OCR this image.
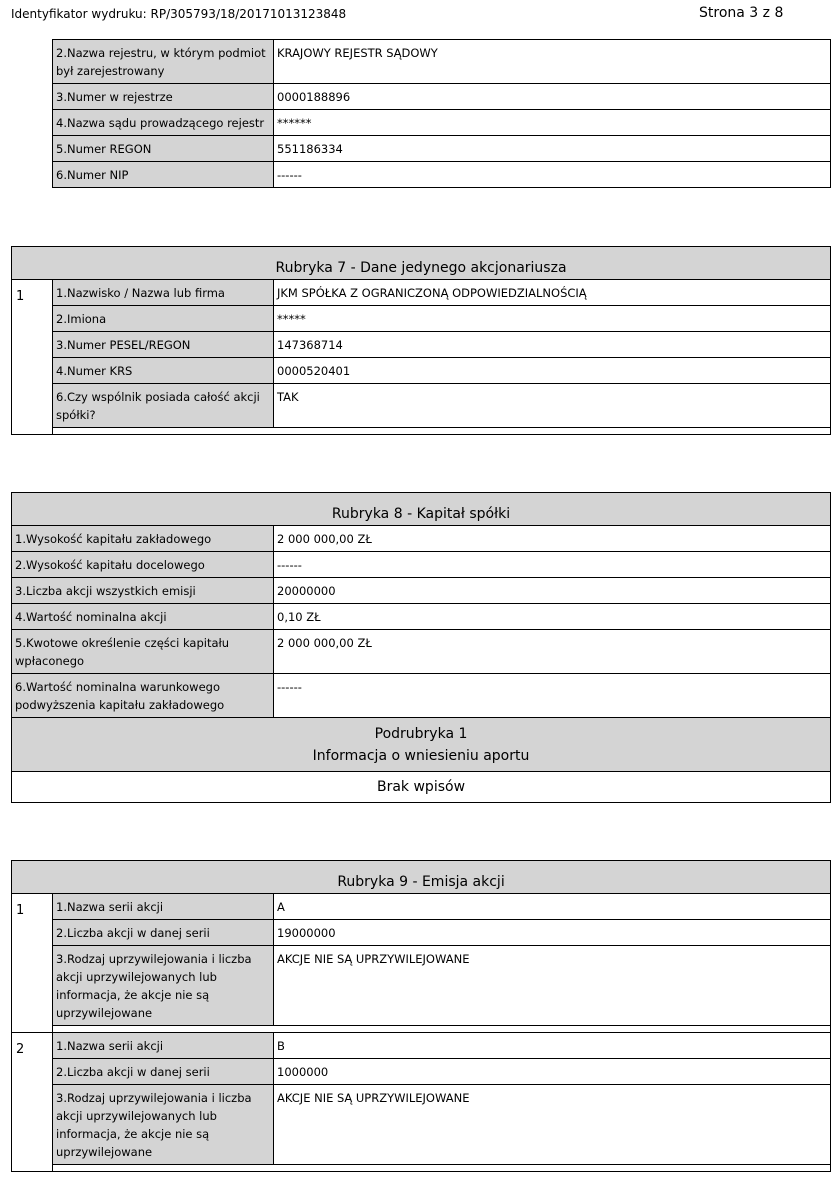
Identyfikator wydruku: RP/305793/18/20171013123848	Strona 3 z 8
2.Nazwa rejestru, w którym podmiot był zarejestrowany	KRAJOWY REJESTR SĄDOWY
3.Numer w rejestrze	0000188896
4.Nazwa sądu prowadzącego rejestr	******
5.Numer REGON	551186334
6.Numer NIP	------
Rubryka 7 - Dane jedynego akcjonariusza		
1	1.Nazwisko / Nazwa lub firma	JKM SPÓŁKA Z OGRANICZONĄ ODPOWIEDZIALNOŚCIĄ
	2.Imiona	*****
	3.Numer PESEL/REGON	147368714
	4.Numer KRS	0000520401
	6.Czy wspólnik posiada całość akcji spółki?	TAK

Rubryka 8 - Kapitał spółki	
1.Wysokość kapitału zakładowego	2 000 000,00 ZŁ
2.Wysokość kapitału docelowego	------
3.Liczba akcji wszystkich emisji	20000000
4.Wartość nominalna akcji	0,10 ZŁ
5.Kwotowe określenie części kapitału wpłaconego	2 000 000,00 ZŁ
6.Wartość nominalna warunkowego podwyższenia kapitału zakładowego	------

Podrubryka 1
Informacja o wniesieniu aportu	

Brak wpisów	
Rubryka 9 - Emisja akcji		
1	1.Nazwa serii akcji	A
	2.Liczba akcji w danej serii	19000000
	3.Rodzaj uprzywilejowania i liczba akcji uprzywilejowanych lub informacja, że akcje nie są uprzywilejowane	AKCJE NIE SĄ UPRZYWILEJOWANE

2	1.Nazwa serii akcji	B
	2.Liczba akcji w danej serii	1000000
	3.Rodzaj uprzywilejowania i liczba akcji uprzywilejowanych lub informacja, że akcje nie są uprzywilejowane	AKCJE NIE SĄ UPRZYWILEJOWANE
